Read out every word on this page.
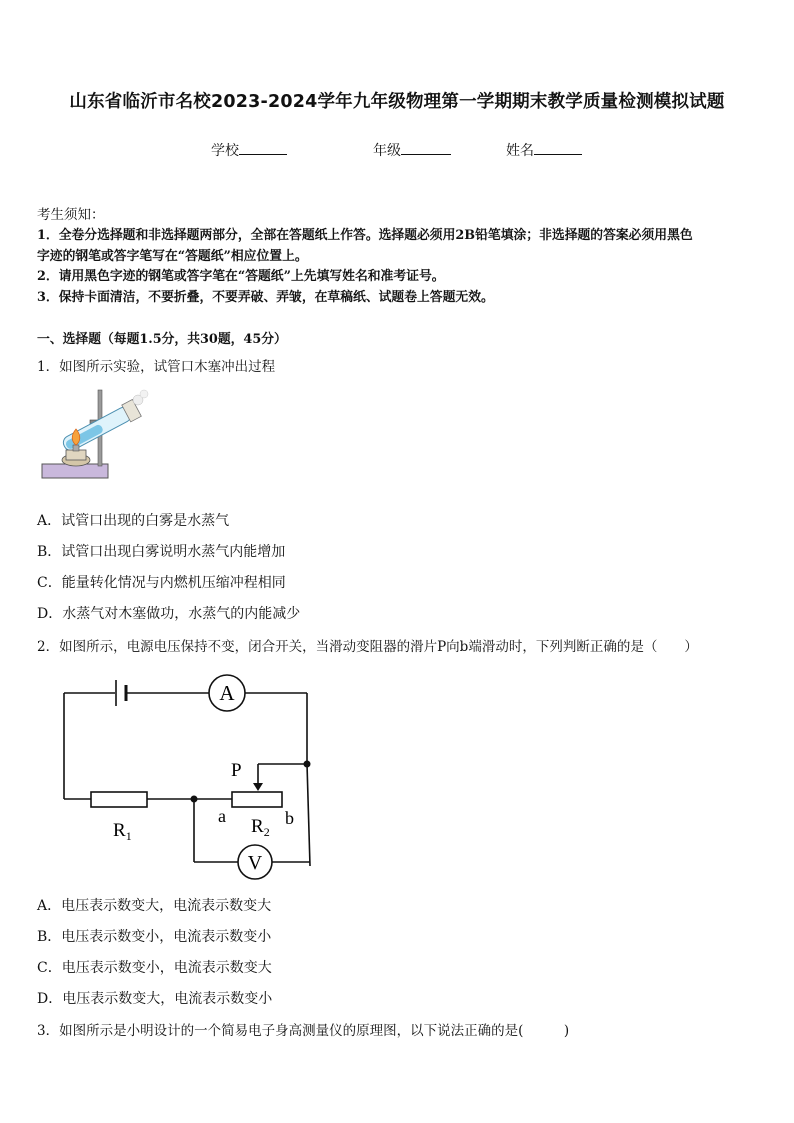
山东省临沂市名校2023-2024学年九年级物理第一学期期末教学质量检测模拟试题
学校	年级	姓名
考生须知：
1．全卷分选择题和非选择题两部分，全部在答题纸上作答。选择题必须用2B铅笔填涂；非选择题的答案必须用黑色
字迹的钢笔或答字笔写在“答题纸”相应位置上。
2．请用黑色字迹的钢笔或答字笔在“答题纸”上先填写姓名和准考证号。
3．保持卡面清洁，不要折叠，不要弄破、弄皱，在草稿纸、试题卷上答题无效。
一、选择题（每题1.5分，共30题，45分）
1．如图所示实验，试管口木塞冲出过程
A．试管口出现的白雾是水蒸气
B．试管口出现白雾说明水蒸气内能增加
C．能量转化情况与内燃机压缩冲程相同
D．水蒸气对木塞做功，水蒸气的内能减少
2．如图所示，电源电压保持不变，闭合开关，当滑动变阻器的滑片P向b端滑动时，下列判断正确的是（　　）
A
V
P
a	b
$R_1$	$R_2$
A．电压表示数变大，电流表示数变大
B．电压表示数变小，电流表示数变小
C．电压表示数变小，电流表示数变大
D．电压表示数变大，电流表示数变小
3．如图所示是小明设计的一个简易电子身高测量仪的原理图，以下说法正确的是(　　　)
